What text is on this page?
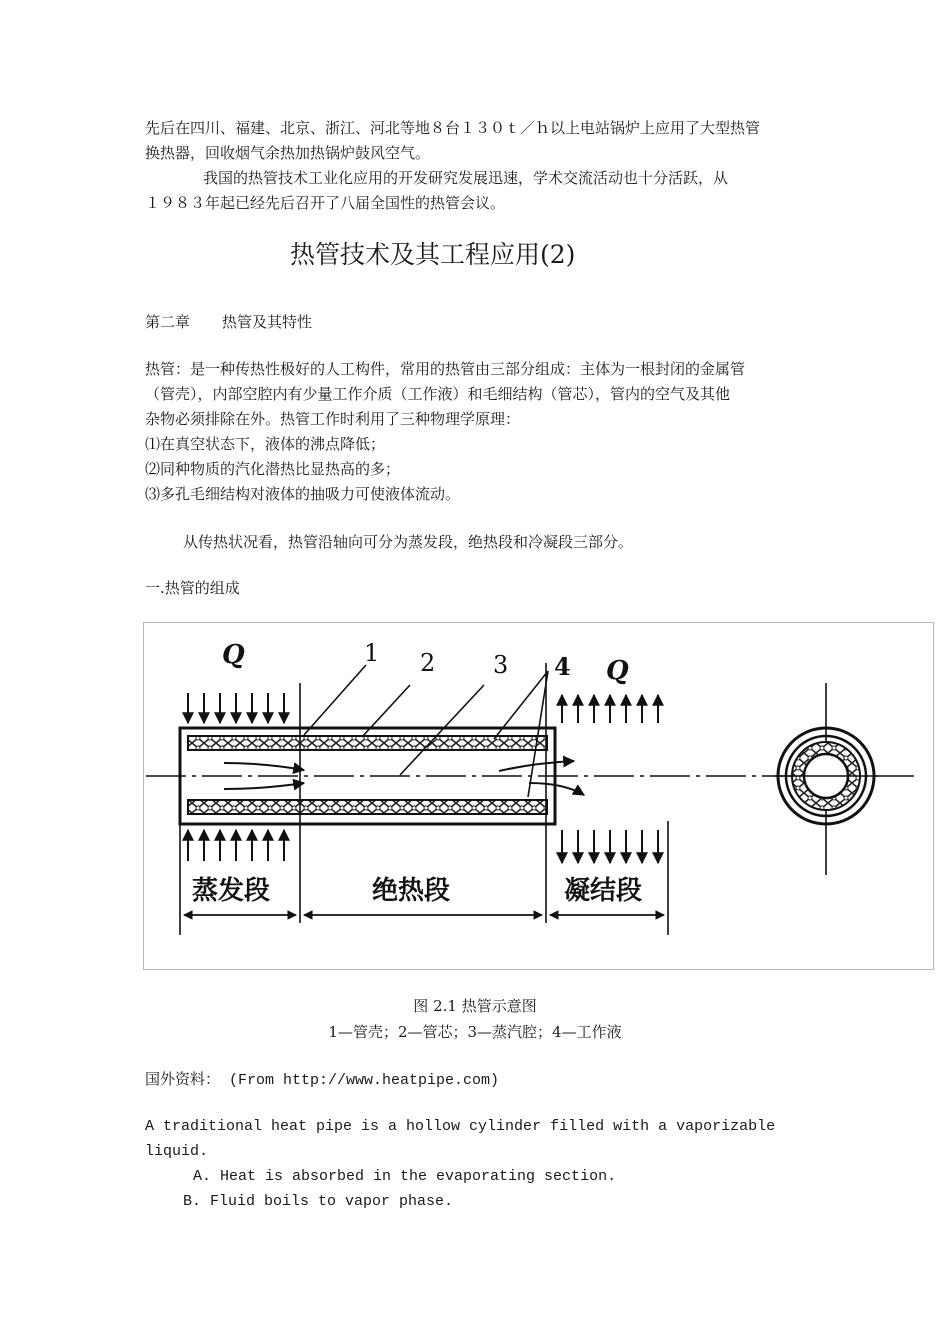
先后在四川、福建、北京、浙江、河北等地８台１３０ｔ／ｈ以上电站锅炉上应用了大型热管
换热器，回收烟气余热加热锅炉鼓风空气。
我国的热管技术工业化应用的开发研究发展迅速，学术交流活动也十分活跃，从
１９８３年起已经先后召开了八届全国性的热管会议。
热管技术及其工程应用(2)
第二章 热管及其特性
热管：是一种传热性极好的人工构件，常用的热管由三部分组成：主体为一根封闭的金属管
（管壳），内部空腔内有少量工作介质（工作液）和毛细结构（管芯），管内的空气及其他
杂物必须排除在外。热管工作时利用了三种物理学原理：
⑴在真空状态下，液体的沸点降低；
⑵同种物质的汽化潜热比显热高的多；
⑶多孔毛细结构对液体的抽吸力可使液体流动。
从传热状况看，热管沿轴向可分为蒸发段，绝热段和冷凝段三部分。
一.热管的组成
Q
Q
1 2 3 4
蒸发段	绝热段	凝结段
图 2.1 热管示意图
1—管壳；2—管芯；3—蒸汽腔；4—工作液
国外资料： (From http://www.heatpipe.com)
A traditional heat pipe is a hollow cylinder filled with a vaporizable
liquid.
A. Heat is absorbed in the evaporating section.
B. Fluid boils to vapor phase.
